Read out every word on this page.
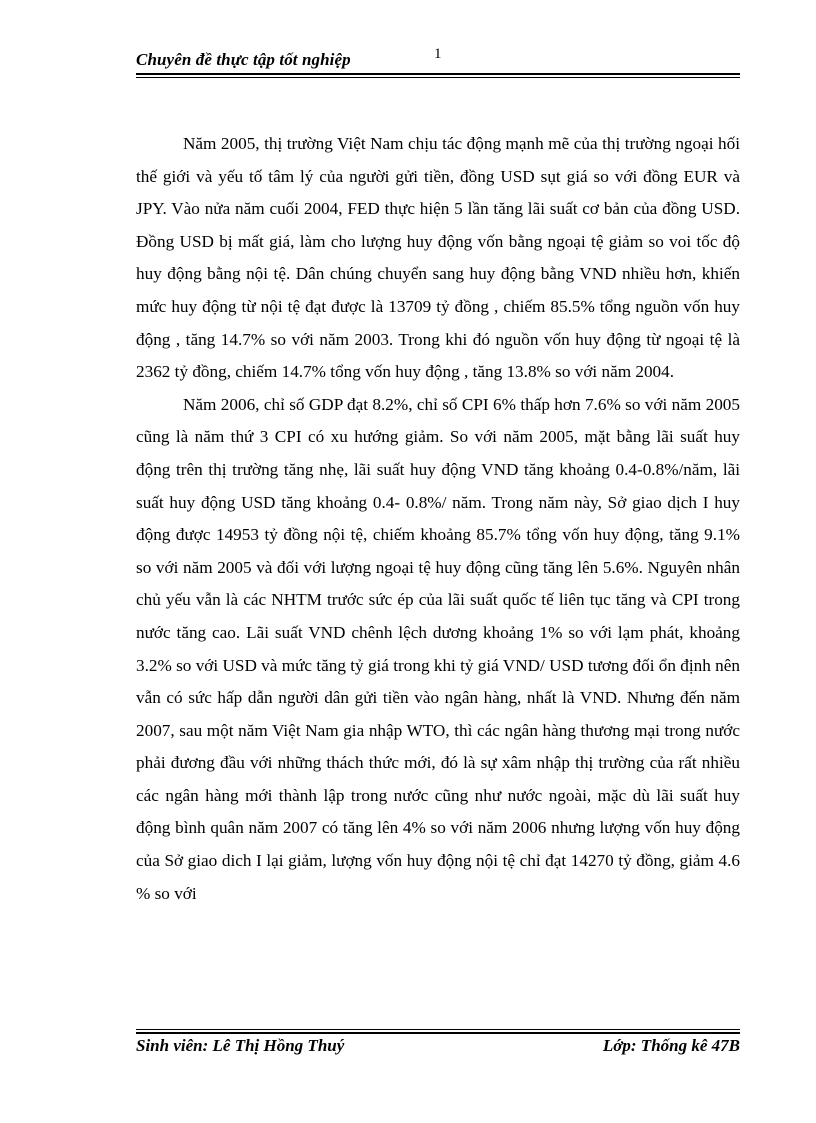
Chuyên đề thực tập tốt nghiệp	1

Năm 2005, thị trường Việt Nam chịu tác động mạnh mẽ của thị trường ngoại hối thế giới và yếu tố tâm lý của người gửi tiền, đồng USD sụt giá so với đồng EUR và JPY. Vào nửa năm cuối 2004, FED thực hiện 5 lần tăng lãi suất cơ bản của đồng USD. Đồng USD bị mất giá, làm cho lượng huy động vốn bằng ngoại tệ giảm so voi tốc độ huy động bằng nội tệ. Dân chúng chuyển sang huy động bằng VND nhiều hơn, khiến mức huy động từ nội tệ đạt được là 13709 tỷ đồng , chiếm 85.5% tổng nguồn vốn huy động , tăng 14.7% so với năm 2003. Trong khi đó nguồn vốn huy động từ ngoại tệ là 2362 tỷ đồng, chiếm 14.7% tổng vốn huy động , tăng 13.8% so với năm 2004.

Năm 2006, chỉ số GDP đạt 8.2%, chỉ số CPI 6% thấp hơn 7.6% so với năm 2005 cũng là năm thứ 3 CPI có xu hướng giảm. So với năm 2005, mặt bằng lãi suất huy động trên thị trường tăng nhẹ, lãi suất huy động VND tăng khoảng 0.4-0.8%/năm, lãi suất huy động USD tăng khoảng 0.4- 0.8%/ năm. Trong năm này, Sở giao dịch I huy động được 14953 tỷ đồng nội tệ, chiếm khoảng 85.7% tổng vốn huy động, tăng 9.1% so với năm 2005 và đối với lượng ngoại tệ huy động cũng tăng lên 5.6%. Nguyên nhân chủ yếu vẫn là các NHTM trước sức ép của lãi suất quốc tế liên tục tăng và CPI trong nước tăng cao. Lãi suất VND chênh lệch dương khoảng 1% so với lạm phát, khoảng 3.2% so với USD và mức tăng tỷ giá trong khi tỷ giá VND/ USD tương đối ổn định nên vẫn có sức hấp dẫn người dân gửi tiền vào ngân hàng, nhất là VND. Nhưng đến năm 2007, sau một năm Việt Nam gia nhập WTO, thì các ngân hàng thương mại trong nước phải đương đầu với những thách thức mới, đó là sự xâm nhập thị trường của rất nhiều các ngân hàng mới thành lập trong nước cũng như nước ngoài, mặc dù lãi suất huy động bình quân năm 2007 có tăng lên 4% so với năm 2006 nhưng lượng vốn huy động của Sở giao dich I lại giảm, lượng vốn huy động nội tệ chỉ đạt 14270 tỷ đồng, giảm 4.6 % so với

Sinh viên: Lê Thị Hồng Thuý	Lớp: Thống kê 47B
